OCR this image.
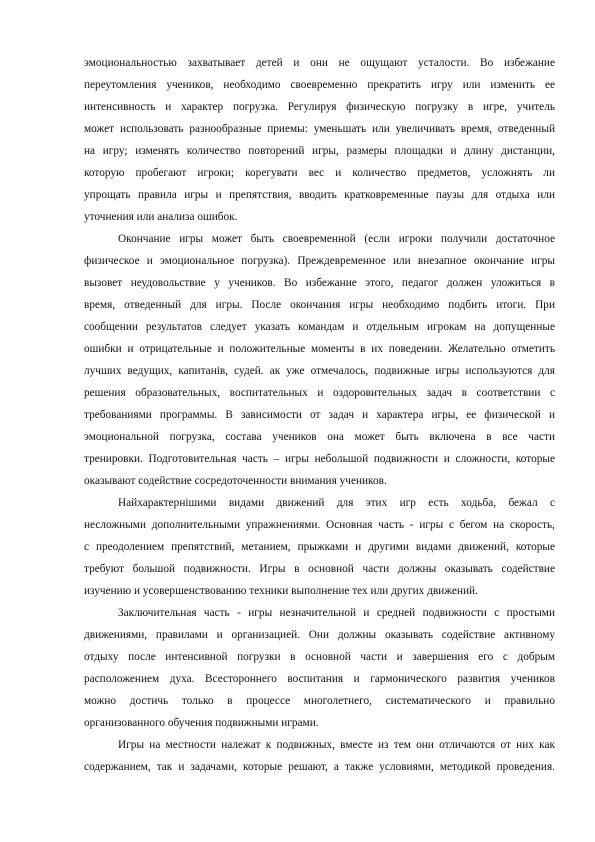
эмоциональностью захватывает детей и они не ощущают усталости. Во избежание
переутомления учеников, необходимо своевременно прекратить игру или изменить ее
интенсивность и характер погрузка. Регулируя физическую погрузку в игре, учитель
может использовать разнообразные приемы: уменьшать или увеличивать время, отведенный
на игру; изменять количество повторений игры, размеры площадки и длину дистанции,
которую пробегают игроки; корегувати вес и количество предметов, усложнять ли
упрощать правила игры и препятствия, вводить кратковременные паузы для отдыха или
уточнения или анализа ошибок.
Окончание игры может быть своевременной (если игроки получили достаточное
физическое и эмоциональное погрузка). Преждевременное или внезапное окончание игры
вызовет неудовольствие у учеников. Во избежание этого, педагог должен уложиться в
время, отведенный для игры. После окончания игры необходимо подбить итоги. При
сообщении результатов следует указать командам и отдельным игрокам на допущенные
ошибки и отрицательные и положительные моменты в их поведении. Желательно отметить
лучших ведущих, капитанів, судей. ак уже отмечалось, подвижные игры используются для
решения образовательных, воспитательных и оздоровительных задач в соответствии с
требованиями программы. В зависимости от задач и характера игры, ее физической и
эмоциональной погрузка, состава учеников она может быть включена в все части
тренировки. Подготовительная часть – игры небольшой подвижности и сложности, которые
оказывают содействие сосредоточенности внимания учеников.
Найхарактернішими видами движений для этих игр есть ходьба, бежал с
несложными дополнительными упражнениями. Основная часть - игры с бегом на скорость,
с преодолением препятствий, метанием, прыжками и другими видами движений, которые
требуют большой подвижности. Игры в основной части должны оказывать содействие
изучению и усовершенствованию техники выполнение тех или других движений.
Заключительная часть - игры незначительной и средней подвижности с простыми
движениями, правилами и организацией. Они должны оказывать содействие активному
отдыху после интенсивной погрузки в основной части и завершения его с добрым
расположением духа. Всестороннего воспитания и гармонического развития учеников
можно достичь только в процессе многолетнего, систематического и правильно
организованного обучения подвижными играми.
Игры на местности належат к подвижных, вместе из тем они отличаются от них как
содержанием, так и задачами, которые решают, а также условиями, методикой проведения.
